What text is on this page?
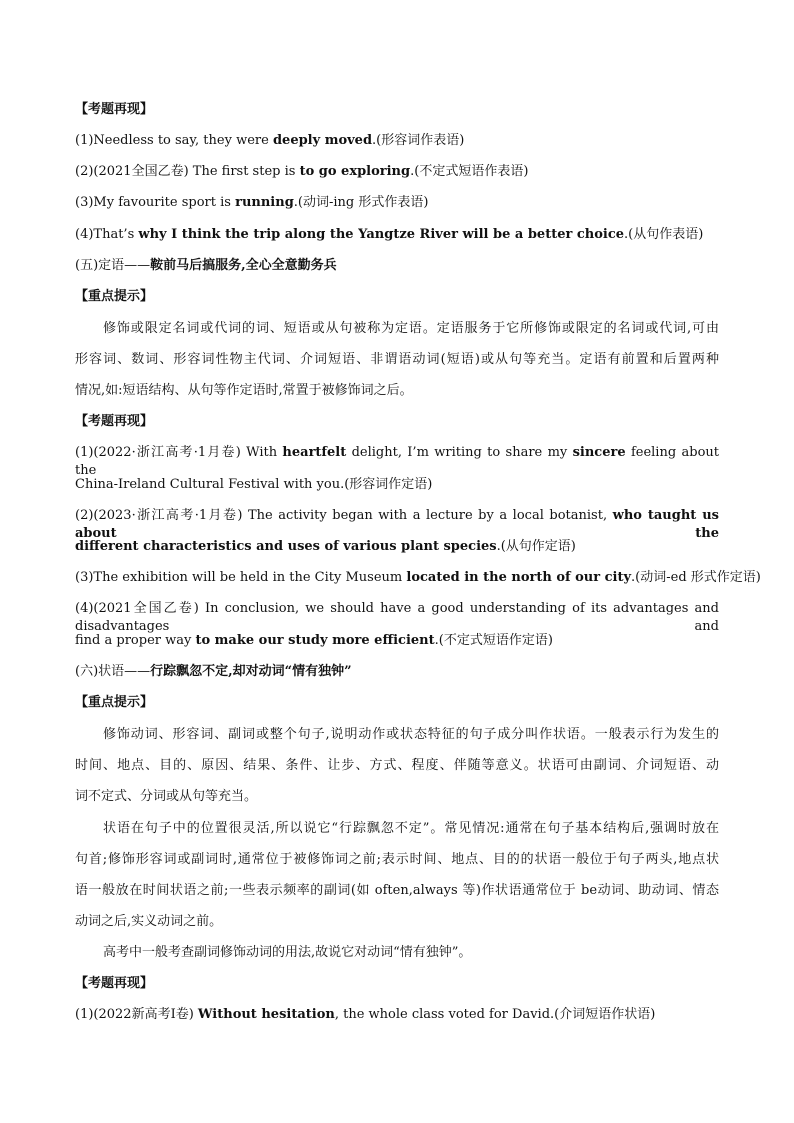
【考题再现】
(1)Needless to say, they were deeply moved.(形容词作表语)
(2)(2021全国乙卷) The first step is to go exploring.(不定式短语作表语)
(3)My favourite sport is running.(动词-ing 形式作表语)
(4)That’s why I think the trip along the Yangtze River will be a better choice.(从句作表语)
(五)定语——鞍前马后搞服务,全心全意勤务兵
【重点提示】
修饰或限定名词或代词的词、短语或从句被称为定语。定语服务于它所修饰或限定的名词或代词,可由
形容词、数词、形容词性物主代词、介词短语、非谓语动词(短语)或从句等充当。定语有前置和后置两种
情况,如:短语结构、从句等作定语时,常置于被修饰词之后。
【考题再现】
(1)(2022·浙江高考·1月卷) With heartfelt delight, I’m writing to share my sincere feeling about the
China-Ireland Cultural Festival with you.(形容词作定语)
(2)(2023·浙江高考·1月卷) The activity began with a lecture by a local botanist, who taught us about the
different characteristics and uses of various plant species.(从句作定语)
(3)The exhibition will be held in the City Museum located in the north of our city.(动词-ed 形式作定语)
(4)(2021全国乙卷) In conclusion, we should have a good understanding of its advantages and disadvantages and
find a proper way to make our study more efficient.(不定式短语作定语)
(六)状语——行踪飘忽不定,却对动词“情有独钟”
【重点提示】
修饰动词、形容词、副词或整个句子,说明动作或状态特征的句子成分叫作状语。一般表示行为发生的
时间、地点、目的、原因、结果、条件、让步、方式、程度、伴随等意义。状语可由副词、介词短语、动
词不定式、分词或从句等充当。
状语在句子中的位置很灵活,所以说它“行踪飘忽不定”。常见情况:通常在句子基本结构后,强调时放在
句首;修饰形容词或副词时,通常位于被修饰词之前;表示时间、地点、目的的状语一般位于句子两头,地点状
语一般放在时间状语之前;一些表示频率的副词(如 often,always 等)作状语通常位于 be动词、助动词、情态
动词之后,实义动词之前。
高考中一般考查副词修饰动词的用法,故说它对动词“情有独钟”。
【考题再现】
(1)(2022新高考Ⅰ卷) Without hesitation, the whole class voted for David.(介词短语作状语)
